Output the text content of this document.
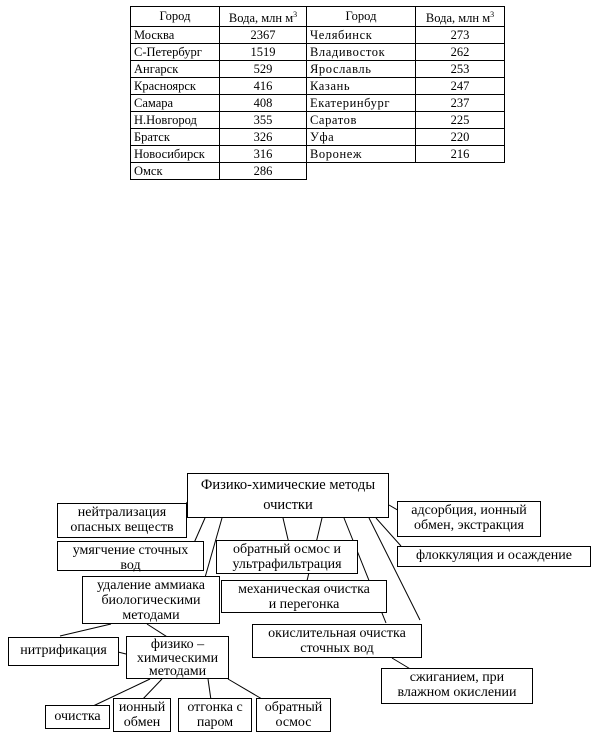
Город	Вода, млн $м^3$	Город	Вода, млн $м^3$
Москва	2367	Челябинск	273
С-Петербург	1519	Владивосток	262
Ангарск	529	Ярославль	253
Красноярск	416	Казань	247
Самара	408	Екатеринбург	237
Н.Новгород	355	Саратов	225
Братск	326	Уфа	220
Новосибирск	316	Воронеж	216
Омск	286		
Физико-химические методы
очистки
нейтрализация
опасных веществ
умягчение сточных
вод
обратный осмос и
ультрафильтрация
адсорбция, ионный
обмен, экстракция
флоккуляция и осаждение
удаление аммиака
биологическими
методами
механическая очистка
и перегонка
окислительная очистка
сточных вод
нитрификация	физико –
химическими
методами	сжиганием, при
влажном окислении
очистка
ионный
обмен
отгонка с
паром
обратный
осмос
